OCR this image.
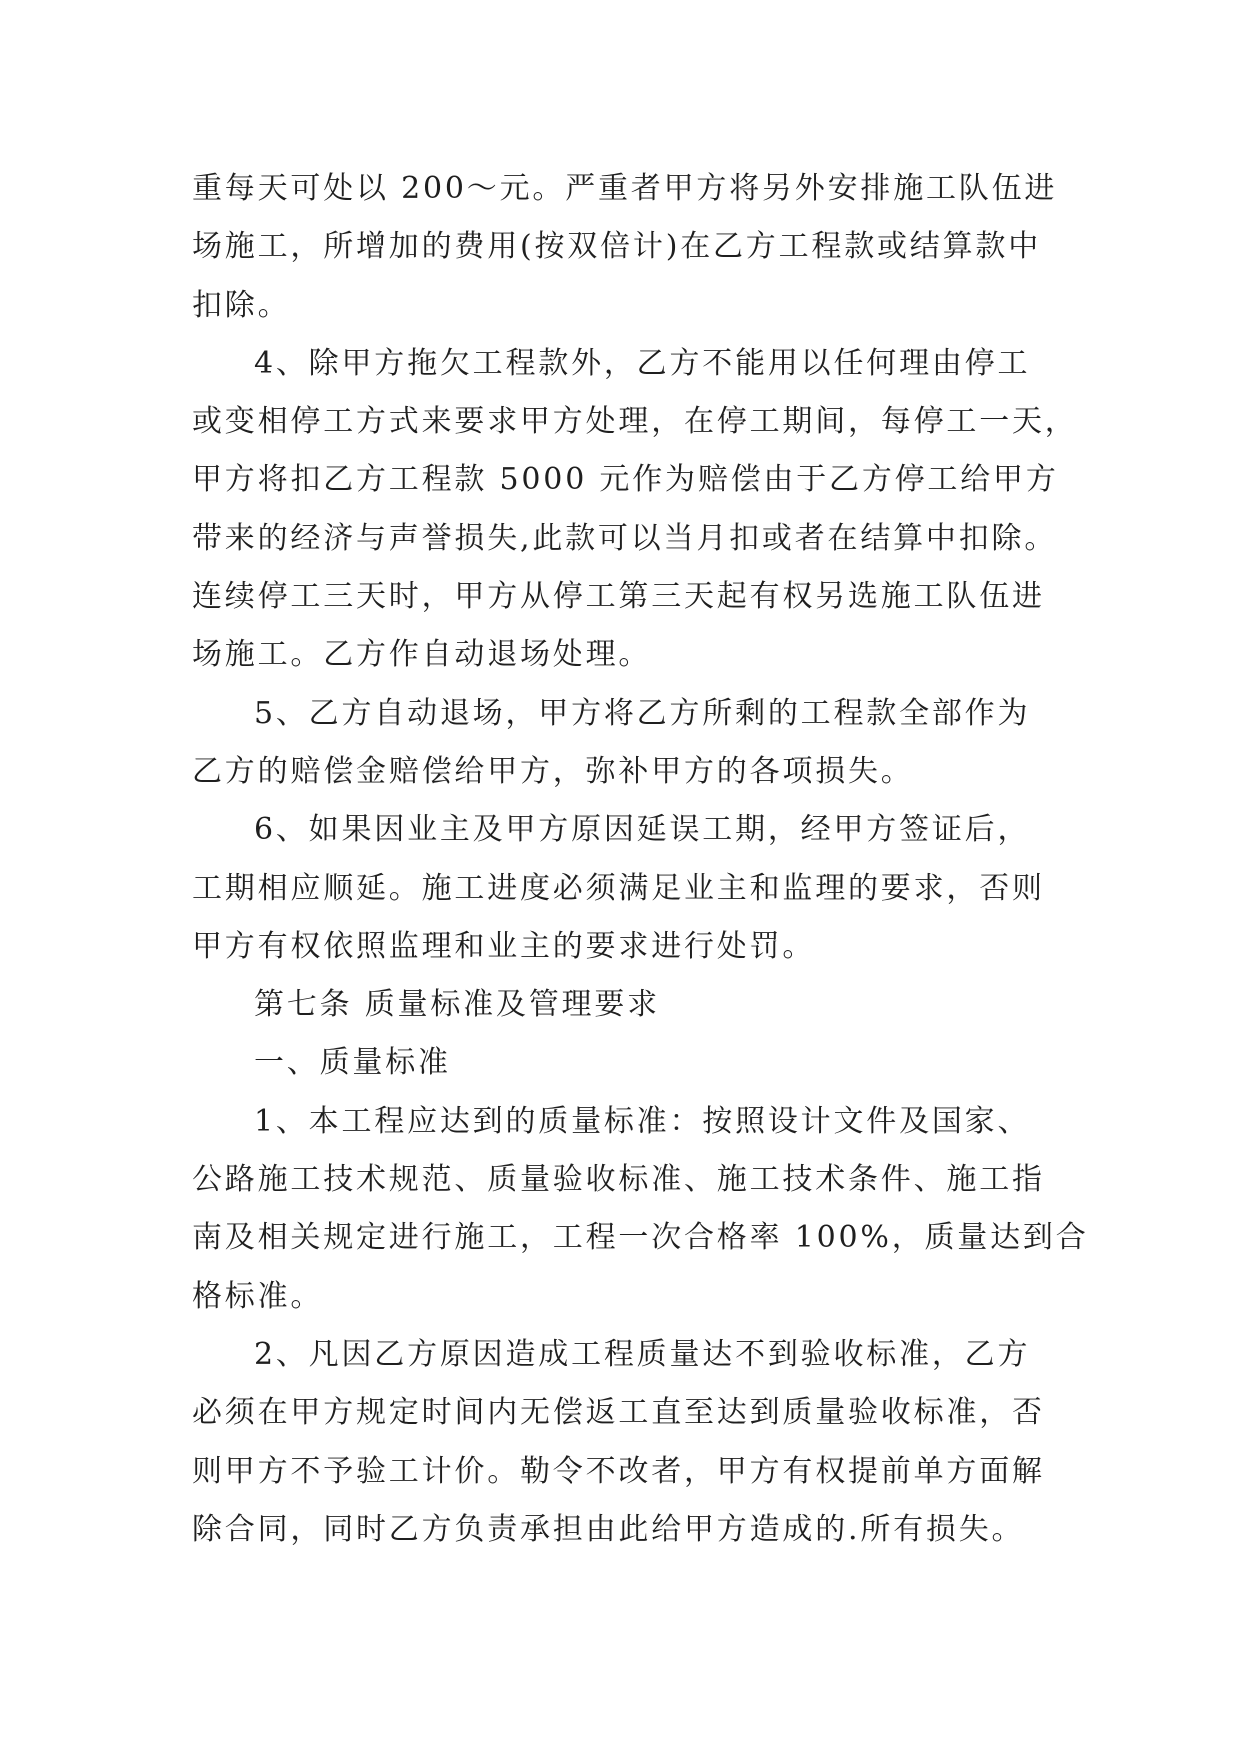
重每天可处以 200～元。严重者甲方将另外安排施工队伍进
场施工，所增加的费用(按双倍计)在乙方工程款或结算款中
扣除。
4、除甲方拖欠工程款外，乙方不能用以任何理由停工
或变相停工方式来要求甲方处理，在停工期间，每停工一天，
甲方将扣乙方工程款 5000 元作为赔偿由于乙方停工给甲方
带来的经济与声誉损失,此款可以当月扣或者在结算中扣除。
连续停工三天时，甲方从停工第三天起有权另选施工队伍进
场施工。乙方作自动退场处理。
5、乙方自动退场，甲方将乙方所剩的工程款全部作为
乙方的赔偿金赔偿给甲方，弥补甲方的各项损失。
6、如果因业主及甲方原因延误工期，经甲方签证后，
工期相应顺延。施工进度必须满足业主和监理的要求，否则
甲方有权依照监理和业主的要求进行处罚。
第七条 质量标准及管理要求
一、质量标准
1、本工程应达到的质量标准：按照设计文件及国家、
公路施工技术规范、质量验收标准、施工技术条件、施工指
南及相关规定进行施工，工程一次合格率 100%，质量达到合
格标准。
2、凡因乙方原因造成工程质量达不到验收标准，乙方
必须在甲方规定时间内无偿返工直至达到质量验收标准，否
则甲方不予验工计价。勒令不改者，甲方有权提前单方面解
除合同，同时乙方负责承担由此给甲方造成的.所有损失。
